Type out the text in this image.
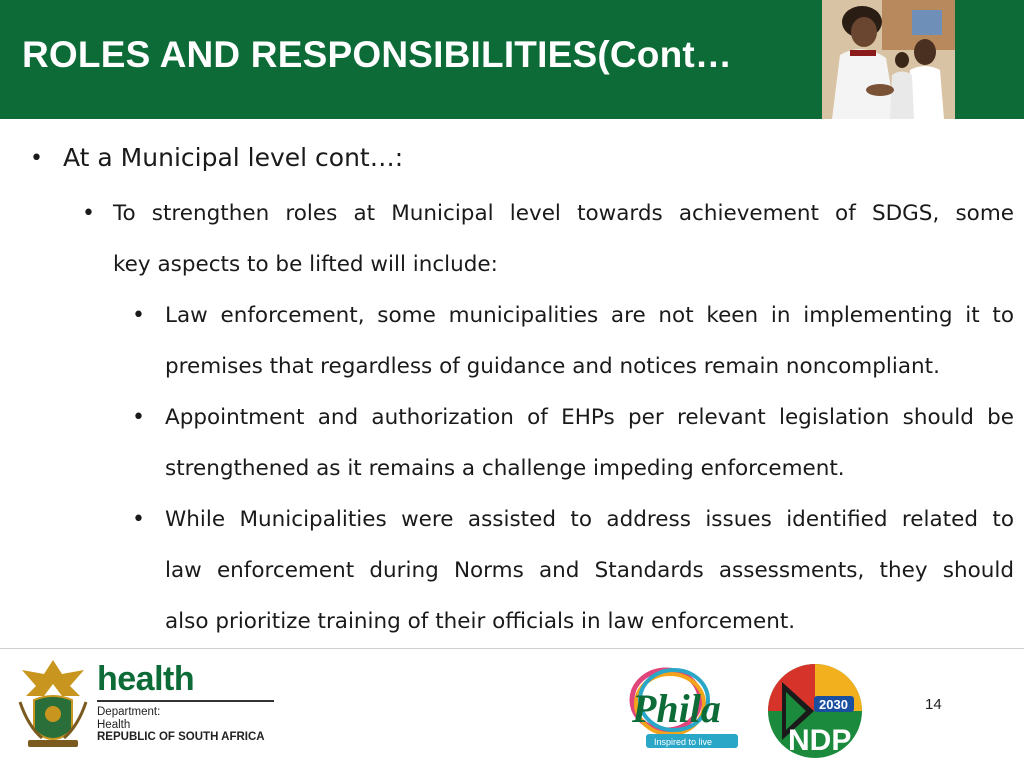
ROLES AND RESPONSIBILITIES(Cont…
• At a Municipal level cont…:
• To strengthen roles at Municipal level towards achievement of SDGS, some
key aspects to be lifted will include:
• Law enforcement, some municipalities are not keen in implementing it to
premises that regardless of guidance and notices remain noncompliant.
• Appointment and authorization of EHPs per relevant legislation should be
strengthened as it remains a challenge impeding enforcement.
• While Municipalities were assisted to address issues identified related to
law enforcement during Norms and Standards assessments, they should
also prioritize training of their officials in law enforcement.
health
Department:
Health
REPUBLIC OF SOUTH AFRICA
Phila
Inspired to live
2030
NDP
14
